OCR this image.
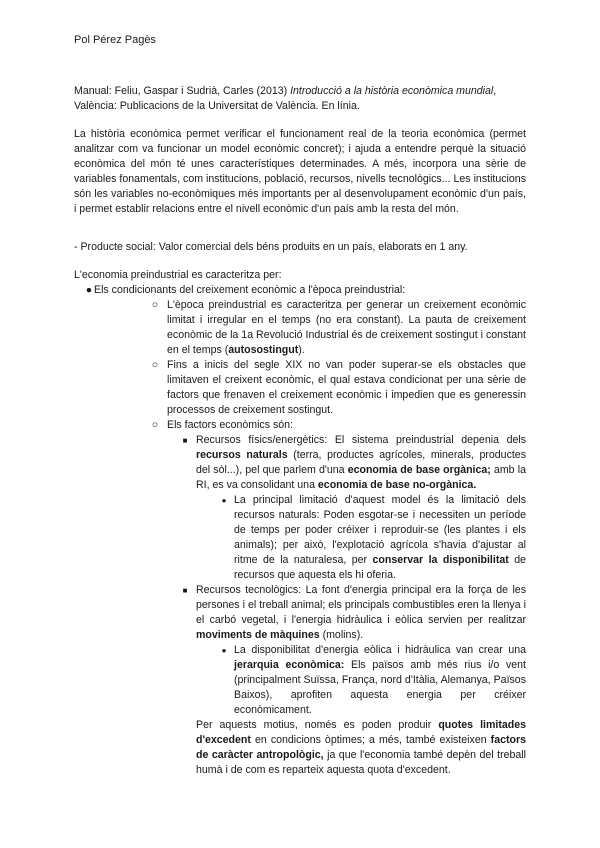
Pol Pérez Pagès
Manual: Feliu, Gaspar i Sudrià, Carles (2013) Introducció a la història econòmica mundial, València: Publicacions de la Universitat de València. En línia.
La història econòmica permet verificar el funcionament real de la teoria econòmica (permet analitzar com va funcionar un model econòmic concret); i ajuda a entendre perquè la situació econòmica del món té unes característiques determinades. A més, incorpora una sèrie de variables fonamentals, com institucions, població, recursos, nivells tecnològics... Les institucions són les variables no-econòmiques més importants per al desenvolupament econòmic d'un país, i permet establir relacions entre el nivell econòmic d'un país amb la resta del món.
- Producte social: Valor comercial dels béns produits en un país, elaborats en 1 any.
L'economia preindustrial es caracteritza per:
● Els condicionants del creixement econòmic a l'època preindustrial:
○ L'època preindustrial es caracteritza per generar un creixement econòmic limitat i irregular en el temps (no era constant). La pauta de creixement econòmic de la 1a Revolució Industrial és de creixement sostingut i constant en el temps (autosostingut).
○ Fins a inicis del segle XIX no van poder superar-se els obstacles que limitaven el creixent econòmic, el qual estava condicionat per una sèrie de factors que frenaven el creixement econòmic i impedien que es generessin processos de creixement sostingut.
○ Els factors econòmics són:
■ Recursos físics/energètics: El sistema preindustrial depenia dels recursos naturals (terra, productes agrícoles, minerals, productes del sòl...), pel que parlem d'una economia de base orgànica; amb la RI, es va consolidant una economia de base no-orgànica.
● La principal limitació d'aquest model és la limitació dels recursos naturals: Poden esgotar-se i necessiten un període de temps per poder créixer i reproduir-se (les plantes i els animals); per això, l'explotació agrícola s'havia d'ajustar al ritme de la naturalesa, per conservar la disponibilitat de recursos que aquesta els hi oferia.
■ Recursos tecnològics: La font d'energia principal era la força de les persones i el treball animal; els principals combustibles eren la llenya i el carbó vegetal, i l'energia hidràulica i eòlica servien per realitzar moviments de màquines (molins).
● La disponibilitat d'energia eòlica i hidràulica van crear una jerarquia econòmica: Els països amb més rius i/o vent (principalment Suïssa, França, nord d'Itàlia, Alemanya, Països Baixos), aprofiten aquesta energia per créixer econòmicament.
Per aquests motius, només es poden produir quotes limitades d'excedent en condicions òptimes; a més, també existeixen factors de caràcter antropològic, ja que l'economia també depèn del treball humà i de com es reparteix aquesta quota d'excedent.
